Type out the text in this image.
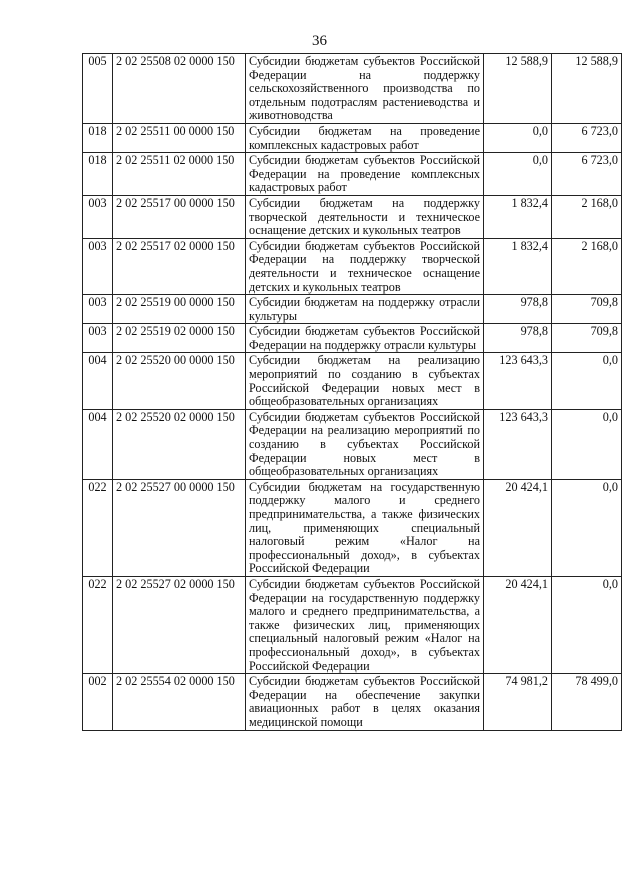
36
005	2 02 25508 02 0000 150	Субсидии бюджетам субъектов Российской Федерации на поддержку сельскохозяйственного производства по отдельным подотраслям растениеводства и животноводства	12 588,9	12 588,9
018	2 02 25511 00 0000 150	Субсидии бюджетам на проведение комплексных кадастровых работ	0,0	6 723,0
018	2 02 25511 02 0000 150	Субсидии бюджетам субъектов Российской Федерации на проведение комплексных кадастровых работ	0,0	6 723,0
003	2 02 25517 00 0000 150	Субсидии бюджетам на поддержку творческой деятельности и техническое оснащение детских и кукольных театров	1 832,4	2 168,0
003	2 02 25517 02 0000 150	Субсидии бюджетам субъектов Российской Федерации на поддержку творческой деятельности и техническое оснащение детских и кукольных театров	1 832,4	2 168,0
003	2 02 25519 00 0000 150	Субсидии бюджетам на поддержку отрасли культуры	978,8	709,8
003	2 02 25519 02 0000 150	Субсидии бюджетам субъектов Российской Федерации на поддержку отрасли культуры	978,8	709,8
004	2 02 25520 00 0000 150	Субсидии бюджетам на реализацию мероприятий по созданию в субъектах Российской Федерации новых мест в общеобразовательных организациях	123 643,3	0,0
004	2 02 25520 02 0000 150	Субсидии бюджетам субъектов Российской Федерации на реализацию мероприятий по созданию в субъектах Российской Федерации новых мест в общеобразовательных организациях	123 643,3	0,0
022	2 02 25527 00 0000 150	Субсидии бюджетам на государственную поддержку малого и среднего предпринимательства, а также физических лиц, применяющих специальный налоговый режим «Налог на профессиональный доход», в субъектах Российской Федерации	20 424,1	0,0
022	2 02 25527 02 0000 150	Субсидии бюджетам субъектов Российской Федерации на государственную поддержку малого и среднего предпринимательства, а также физических лиц, применяющих специальный налоговый режим «Налог на профессиональный доход», в субъектах Российской Федерации	20 424,1	0,0
002	2 02 25554 02 0000 150	Субсидии бюджетам субъектов Российской Федерации на обеспечение закупки авиационных работ в целях оказания медицинской помощи	74 981,2	78 499,0
